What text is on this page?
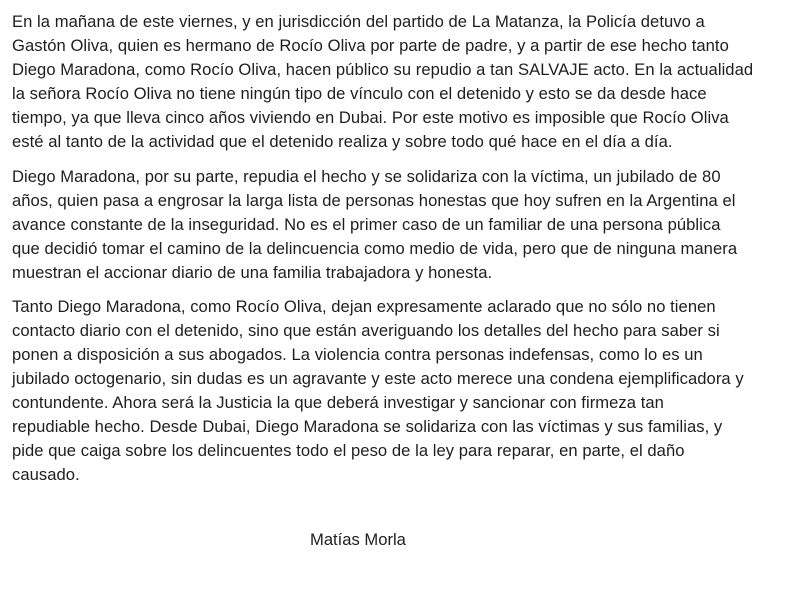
En la mañana de este viernes, y en jurisdicción del partido de La Matanza, la Policía detuvo a
Gastón Oliva, quien es hermano de Rocío Oliva por parte de padre, y a partir de ese hecho tanto
Diego Maradona, como Rocío Oliva, hacen público su repudio a tan SALVAJE acto. En la actualidad
la señora Rocío Oliva no tiene ningún tipo de vínculo con el detenido y esto se da desde hace
tiempo, ya que lleva cinco años viviendo en Dubai. Por este motivo es imposible que Rocío Oliva
esté al tanto de la actividad que el detenido realiza y sobre todo qué hace en el día a día.

Diego Maradona, por su parte, repudia el hecho y se solidariza con la víctima, un jubilado de 80
años, quien pasa a engrosar la larga lista de personas honestas que hoy sufren en la Argentina el
avance constante de la inseguridad. No es el primer caso de un familiar de una persona pública
que decidió tomar el camino de la delincuencia como medio de vida, pero que de ninguna manera
muestran el accionar diario de una familia trabajadora y honesta.

Tanto Diego Maradona, como Rocío Oliva, dejan expresamente aclarado que no sólo no tienen
contacto diario con el detenido, sino que están averiguando los detalles del hecho para saber si
ponen a disposición a sus abogados. La violencia contra personas indefensas, como lo es un
jubilado octogenario, sin dudas es un agravante y este acto merece una condena ejemplificadora y
contundente. Ahora será la Justicia la que deberá investigar y sancionar con firmeza tan
repudiable hecho. Desde Dubai, Diego Maradona se solidariza con las víctimas y sus familias, y
pide que caiga sobre los delincuentes todo el peso de la ley para reparar, en parte, el daño
causado.

Matías Morla
